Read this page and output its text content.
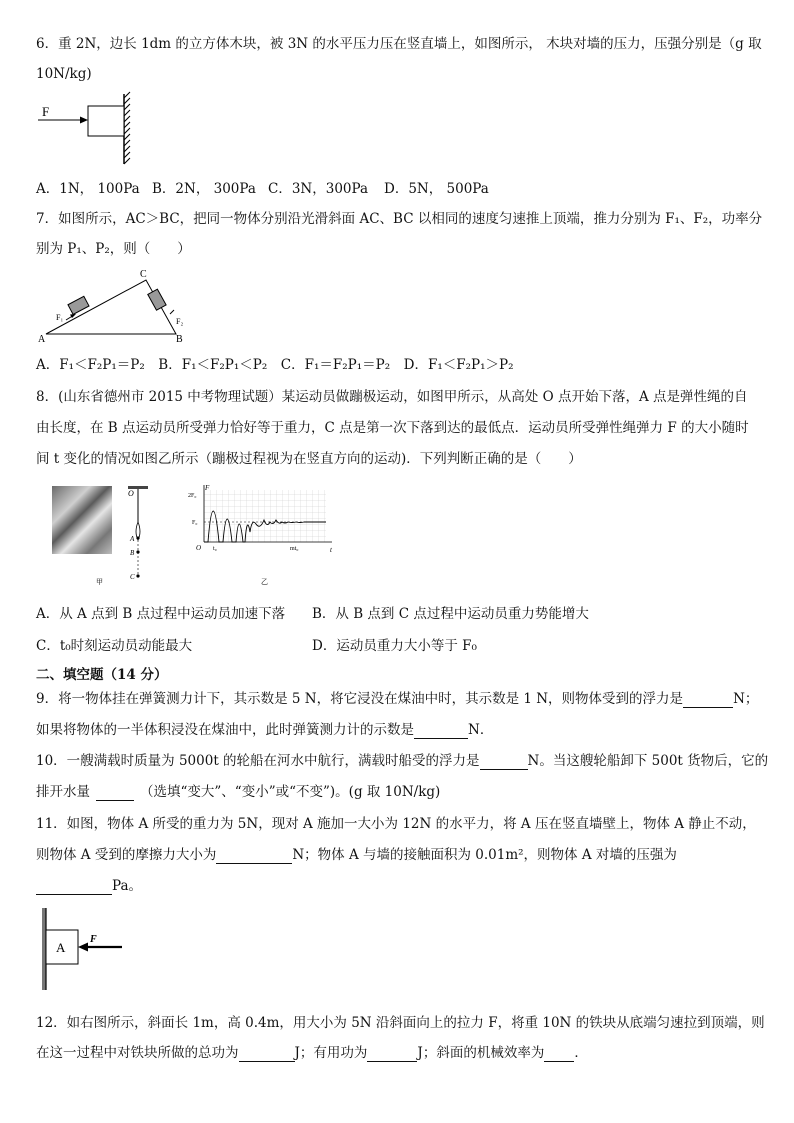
6．重 2N，边长 1dm 的立方体木块，被 3N 的水平压力压在竖直墙上，如图所示， 木块对墙的压力，压强分别是（g 取
10N/kg)
F
A．1N， 100Pa B．2N， 300Pa C．3N，300Pa D．5N， 500Pa
7．如图所示，AC＞BC，把同一物体分别沿光滑斜面 AC、BC 以相同的速度匀速推上顶端，推力分别为 F₁、F₂，功率分
别为 P₁、P₂，则（　　）
A	B
C
F₁	F₂
A．F₁＜F₂P₁＝P₂　B．F₁＜F₂P₁＜P₂　C．F₁＝F₂P₁＝P₂　D．F₁＜F₂P₁＞P₂
8．(山东省德州市 2015 中考物理试题）某运动员做蹦极运动，如图甲所示，从高处 O 点开始下落，A 点是弹性绳的自
由长度，在 B 点运动员所受弹力恰好等于重力，C 点是第一次下落到达的最低点．运动员所受弹性绳弹力 F 的大小随时
间 t 变化的情况如图乙所示（蹦极过程视为在竖直方向的运动)．下列判断正确的是（　　）
O
A
B
C
甲
F
t
2F₀
F₀
O t₀	mt₀
乙
A．从 A 点到 B 点过程中运动员加速下落 B．从 B 点到 C 点过程中运动员重力势能增大
C．t₀时刻运动员动能最大	D．运动员重力大小等于 F₀
二、填空题（14 分）
9．将一物体挂在弹簧测力计下，其示数是 5 N，将它浸没在煤油中时，其示数是 1 N，则物体受到的浮力是	N；
如果将物体的一半体积浸没在煤油中，此时弹簧测力计的示数是	N．
10．一艘满载时质量为 5000t 的轮船在河水中航行，满载时船受的浮力是	N。当这艘轮船卸下 500t 货物后，它的
排开水量	（选填“变大”、“变小”或“不变”)。(g 取 10N/kg)
11．如图，物体 A 所受的重力为 5N，现对 A 施加一大小为 12N 的水平力，将 A 压在竖直墙壁上，物体 A 静止不动，
则物体 A 受到的摩擦力大小为	N；物体 A 与墙的接触面积为 0.01m²，则物体 A 对墙的压强为
Pa。
A
F
12．如右图所示，斜面长 1m，高 0.4m，用大小为 5N 沿斜面向上的拉力 F，将重 10N 的铁块从底端匀速拉到顶端，则
在这一过程中对铁块所做的总功为	J；有用功为	J；斜面的机械效率为 ．
